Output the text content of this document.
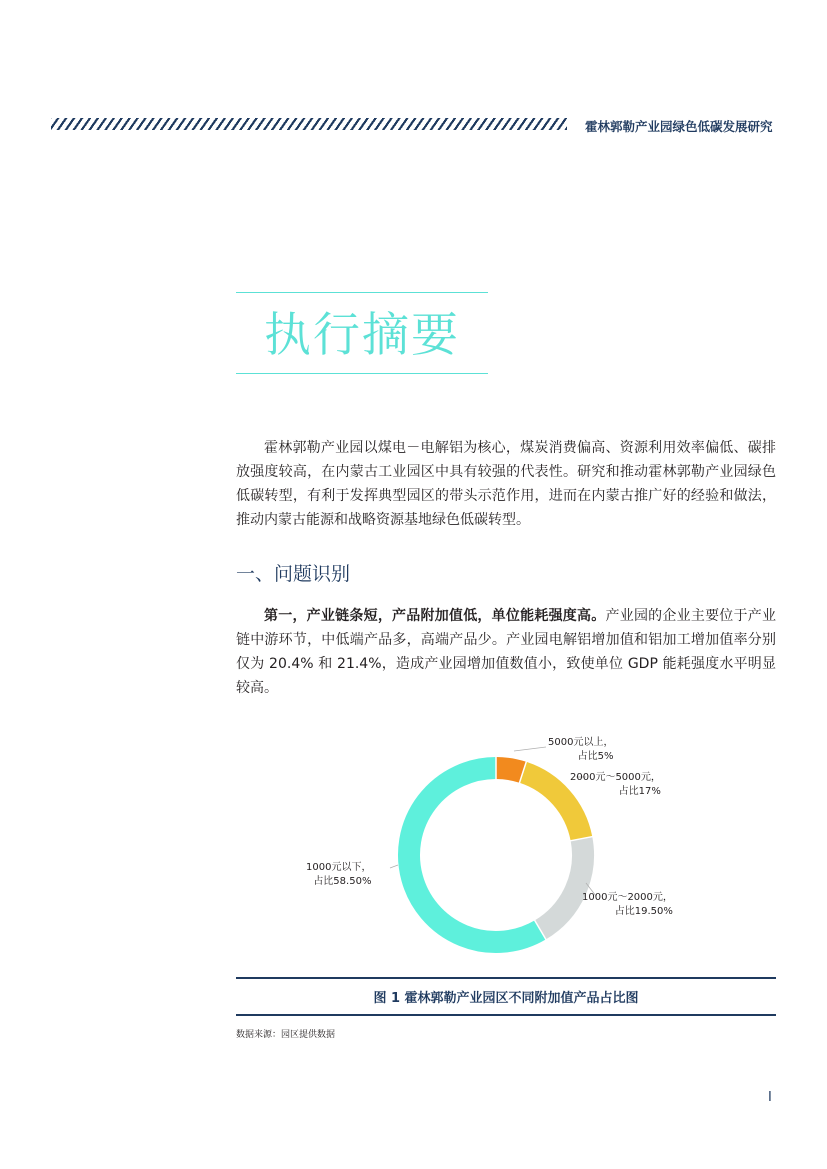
霍林郭勒产业园绿色低碳发展研究
执行摘要

霍林郭勒产业园以煤电－电解铝为核心，煤炭消费偏高、资源利用效率偏低、碳排放强度较高，在内蒙古工业园区中具有较强的代表性。研究和推动霍林郭勒产业园绿色低碳转型，有利于发挥典型园区的带头示范作用，进而在内蒙古推广好的经验和做法，推动内蒙古能源和战略资源基地绿色低碳转型。

一、问题识别

第一，产业链条短，产品附加值低，单位能耗强度高。产业园的企业主要位于产业链中游环节，中低端产品多，高端产品少。产业园电解铝增加值和铝加工增加值率分别仅为 20.4% 和 21.4%，造成产业园增加值数值小，致使单位 GDP 能耗强度水平明显较高。

5000元以上，
占比5%
2000元～5000元，
占比17%
1000元～2000元，
占比19.50%
1000元以下，
占比58.50%
图 1 霍林郭勒产业园区不同附加值产品占比图
数据来源：园区提供数据
I
